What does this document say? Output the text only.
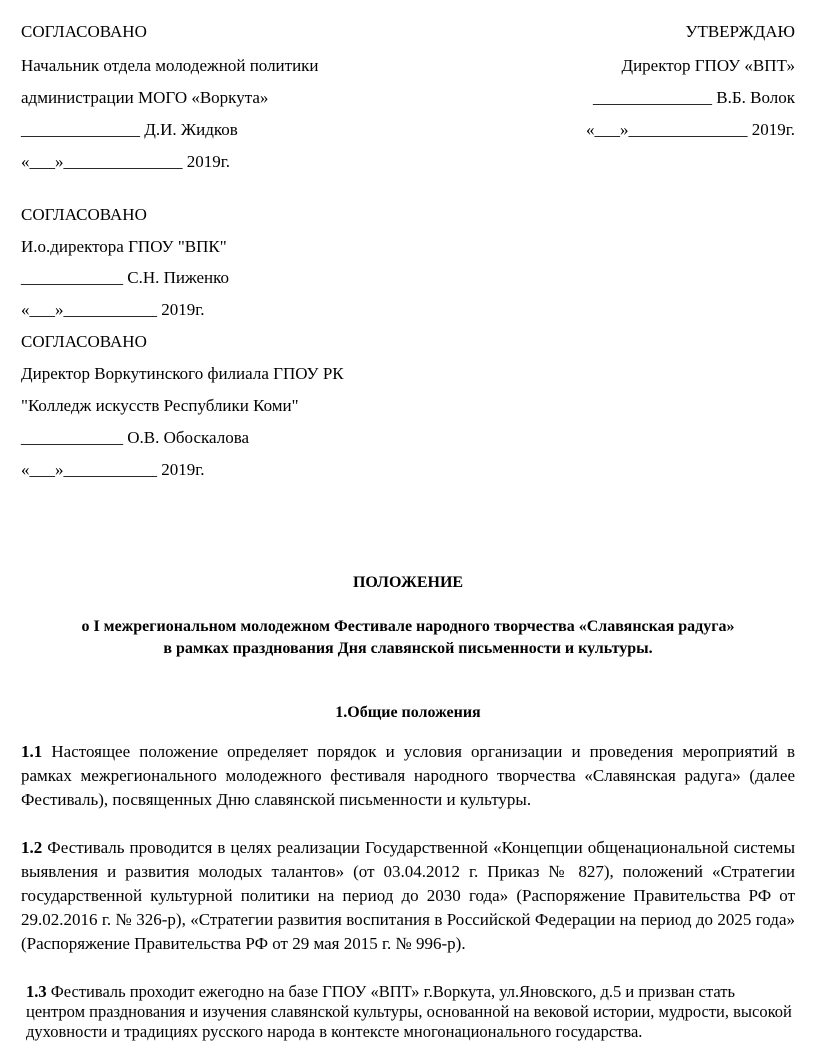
СОГЛАСОВАНО
Начальник отдела молодежной политики
администрации МОГО «Воркута»
______________ Д.И. Жидков
«___»______________ 2019г.
УТВЕРЖДАЮ
Директор ГПОУ «ВПТ»
______________ В.Б. Волок
«___»______________ 2019г.
СОГЛАСОВАНО
И.о.директора ГПОУ "ВПК"
____________ С.Н. Пиженко
«___»___________ 2019г.
СОГЛАСОВАНО
Директор Воркутинского филиала ГПОУ РК
"Колледж искусств Республики Коми"
____________ О.В. Обоскалова
«___»___________ 2019г.
ПОЛОЖЕНИЕ
о I межрегиональном молодежном Фестивале народного творчества «Славянская радуга»
в рамках празднования Дня славянской письменности и культуры.
1.Общие положения
1.1 Настоящее положение определяет порядок и условия организации и проведения мероприятий в рамках межрегионального молодежного фестиваля народного творчества «Славянская радуга» (далее Фестиваль), посвященных Дню славянской письменности и культуры.
1.2 Фестиваль проводится в целях реализации Государственной «Концепции общенациональной системы выявления и развития молодых талантов» (от 03.04.2012 г. Приказ № 827), положений «Стратегии государственной культурной политики на период до 2030 года» (Распоряжение Правительства РФ от 29.02.2016 г. № 326-р), «Стратегии развития воспитания в Российской Федерации на период до 2025 года» (Распоряжение Правительства РФ от 29 мая 2015 г. № 996-р).
1.3 Фестиваль проходит ежегодно на базе ГПОУ «ВПТ» г.Воркута, ул.Яновского, д.5 и призван стать центром празднования и изучения славянской культуры, основанной на вековой истории, мудрости, высокой духовности и традициях русского народа в контексте многонационального государства.
